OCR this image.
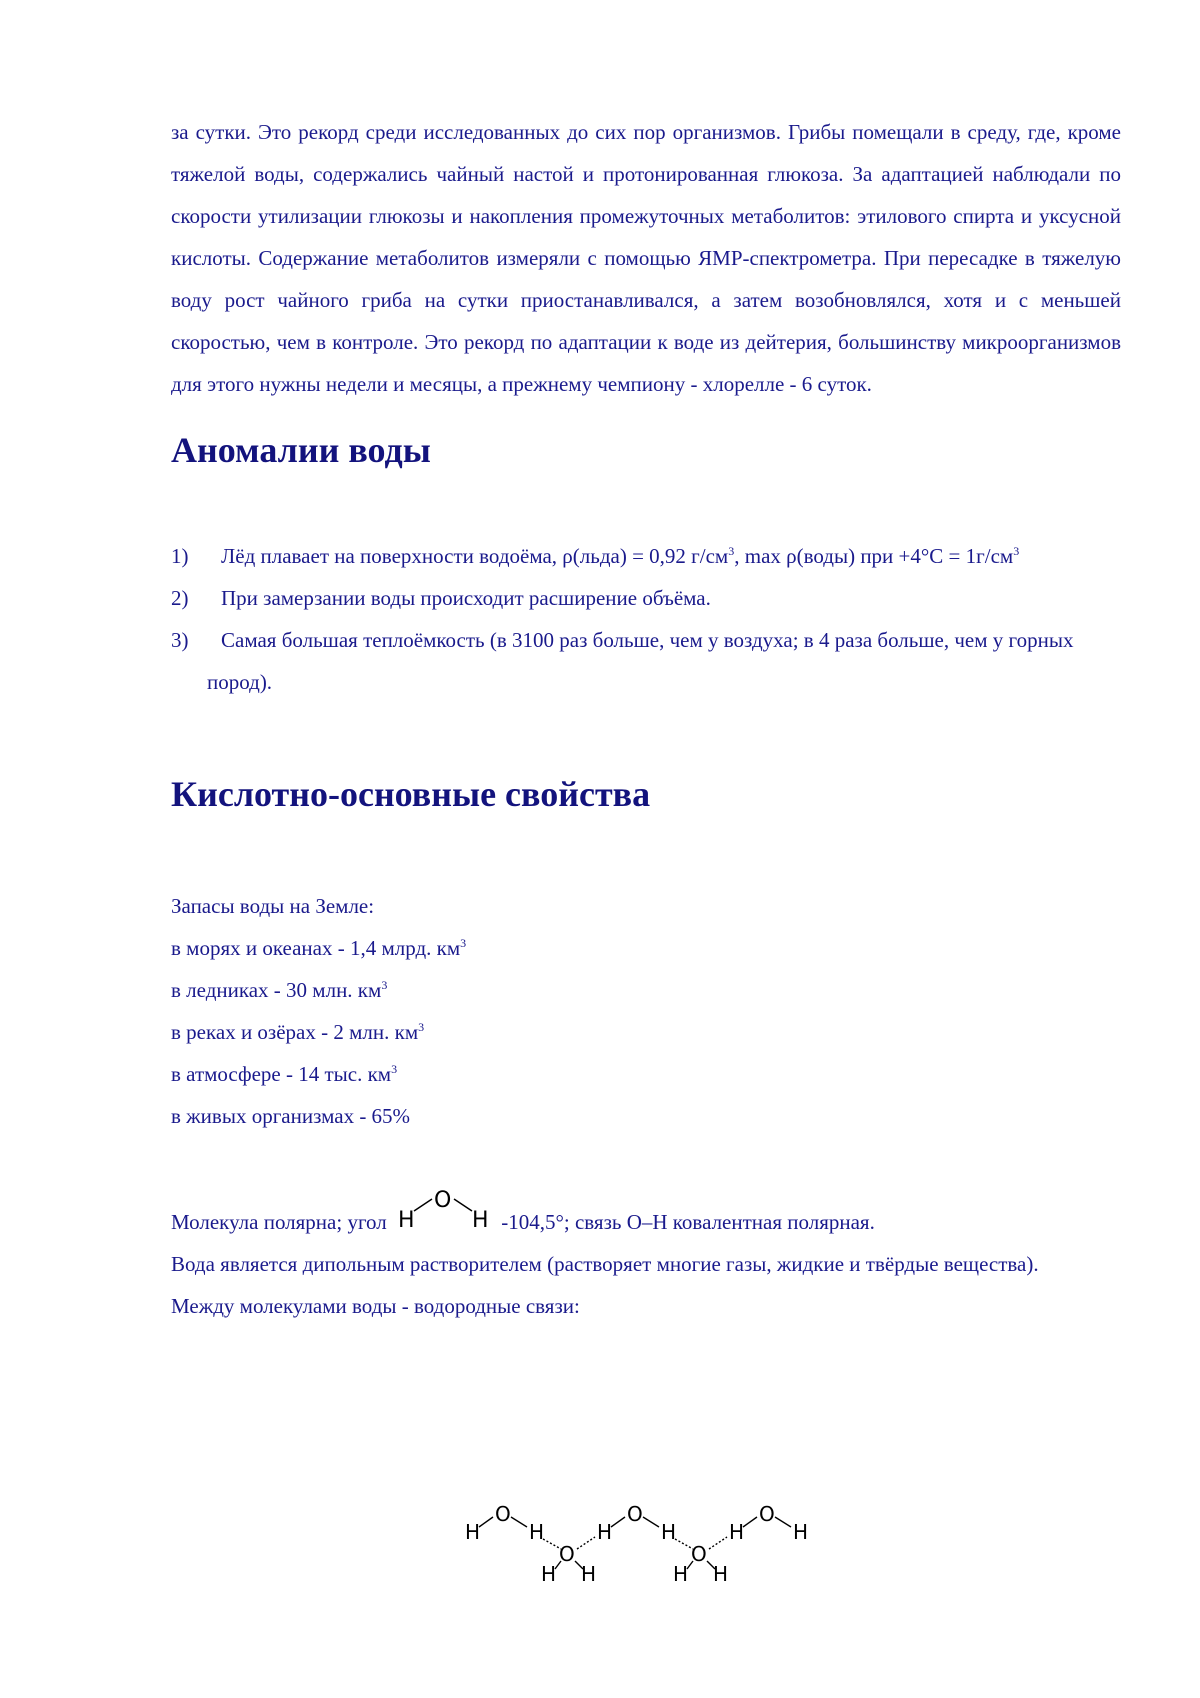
за сутки. Это рекорд среди исследованных до сих пор организмов. Грибы помещали в среду, где, кроме тяжелой воды, содержались чайный настой и протонированная глюкоза. За адаптацией наблюдали по скорости утилизации глюкозы и накопления промежуточных метаболитов: этилового спирта и уксусной кислоты. Содержание метаболитов измеряли с помощью ЯМР-спектрометра. При пересадке в тяжелую воду рост чайного гриба на сутки приостанавливался, а затем возобновлялся, хотя и с меньшей скоростью, чем в контроле. Это рекорд по адаптации к воде из дейтерия, большинству микроорганизмов для этого нужны недели и месяцы, а прежнему чемпиону - хлорелле - 6 суток.

Аномалии воды
1) Лёд плавает на поверхности водоёма, ρ(льда) = 0,92 $г/см^3$, max ρ(воды) при $+4^\circ C = 1г/см^3$
2) При замерзании воды происходит расширение объёма.
3) Самая большая теплоёмкость (в 3100 раз больше, чем у воздуха; в 4 раза больше, чем у горных пород).
Кислотно-основные свойства
Запасы воды на Земле:
в морях и океанах - 1,4 млрд. $км^3$
в ледниках - 30 млн. $км^3$
в реках и озёрах - 2 млн. $км^3$
в атмосфере - 14 тыс. $км^3$
в живых организмах - 65%
Молекула полярна; угол H
O
H -104,5°; связь О–Н ковалентная полярная.

Вода является дипольным растворителем (растворяет многие газы, жидкие и твёрдые вещества).

Между молекулами воды - водородные связи:
H
O
H
O
H H
H
O
H
O
H H
H
O
H
